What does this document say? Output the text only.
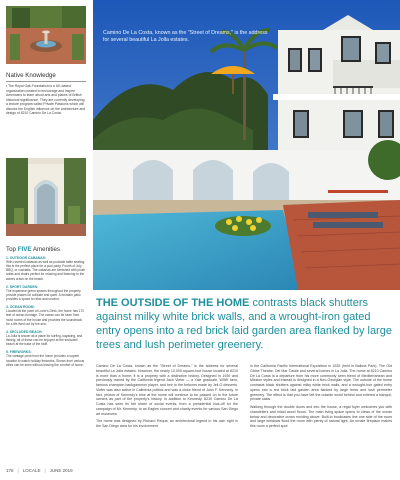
Native Knowledge
• The Royal Oak Foundation is a UK-based organization created to encourage and inspire Americans to learn about arts and places of British historical significance. They are currently developing a lecture program called Private Passions which will discuss the English influence on the architecture and design of 8210 Camino De La Costa.
Top FIVE Amenities
1. OUTDOOR CABANAS:
With covered cabanas as well as poolside table seating, this is the perfect place for a pool party, Fourth of July BBQ, or cocktails. The cabanas are furnished with plush sofas and chairs perfect for relaxing and listening to the waves crash on the beach.
2. SPORT GARDEN:
The expansive green spaces throughout the property provide places for solitude and quiet. A fountain patio provides a space to relax and unwind.
3. OCEAN ROOM:
Located at the point of Lover's Deck, the home has 170 feet of ocean frontage. The ocean can be seen from most rooms of the house and provides the soundtrack for a life lived out by the sea.
4. SECLUDED BEACH:
La Jolla is known as a place for surfing, kayaking, and fishing; all of these can be enjoyed at the secluded beach at the base of the bluff.
5. FIREWORKS:
The vantage point from the home provides a superb location to watch holiday fireworks. Shows from various cities can be seen without leaving the comfort of home.
Camino De La Costa, known as the "Street of Dreams," is the address for several beautiful La Jolla estates.
THE OUTSIDE OF THE HOME contrasts black shutters against milky white brick walls, and a wrought-iron gated entry opens into a red brick laid garden area flanked by large trees and lush perimeter greenery.

Camino De La Costa, known as the "Street of Dreams," is the address for several beautiful La Jolla estates. However, the nearly 10,000-square-foot house located at 8210 is more than a home; it is a property with a distinctive history. Designed in 1939 and previously owned by the California legend Jack Vieter — a Yale graduate, WWII hero, famous champion backgammon player, and heir to the fortunes made by Jell-O desserts. Vieter was also active in California politics and was a close friend of John F. Kennedy. In fact, photos of Kennedy's time at the home will continue to be passed on to the future owners as part of the property's history. In addition to Kennedy, 8210 Camino De La Costa has seen its fair share of social events, from a presidential kick-off for the campaign of Mr. Kennedy, to an Eagles concert and charity events for various San Diego art museums.

The home was designed by Richard Requa, an architectural legend in his own right in the San Diego area for his involvement

in the California Pacific International Exposition in 1935 (held in Balboa Park), The Old Globe Theatre, Del Mar Castle and several homes in La Jolla. The home at 8210 Camino De La Costa is a departure from his more commonly seen blend of Mediterranean and Mission styles and instead is designed in a Neo-Georgian style. The outside of the home contrasts black shutters against milky white brick walls, and a wrought-iron gated entry opens into a red brick laid garden area flanked by large trees and lush perimeter greenery. The effect is that you have left the outside world behind and entered a tranquil, private oasis.

Walking through the double doors and into the house, a regal foyer welcomes you with chandeliers and inlaid wood floors. The main living space opens to views of the ocean below and decorative crown molding above. Built-in bookcases line one side of the room and large windows flood the room with plenty of natural light. An ornate fireplace makes this room a perfect spot

178 | LOCALE | JUNE 2019
